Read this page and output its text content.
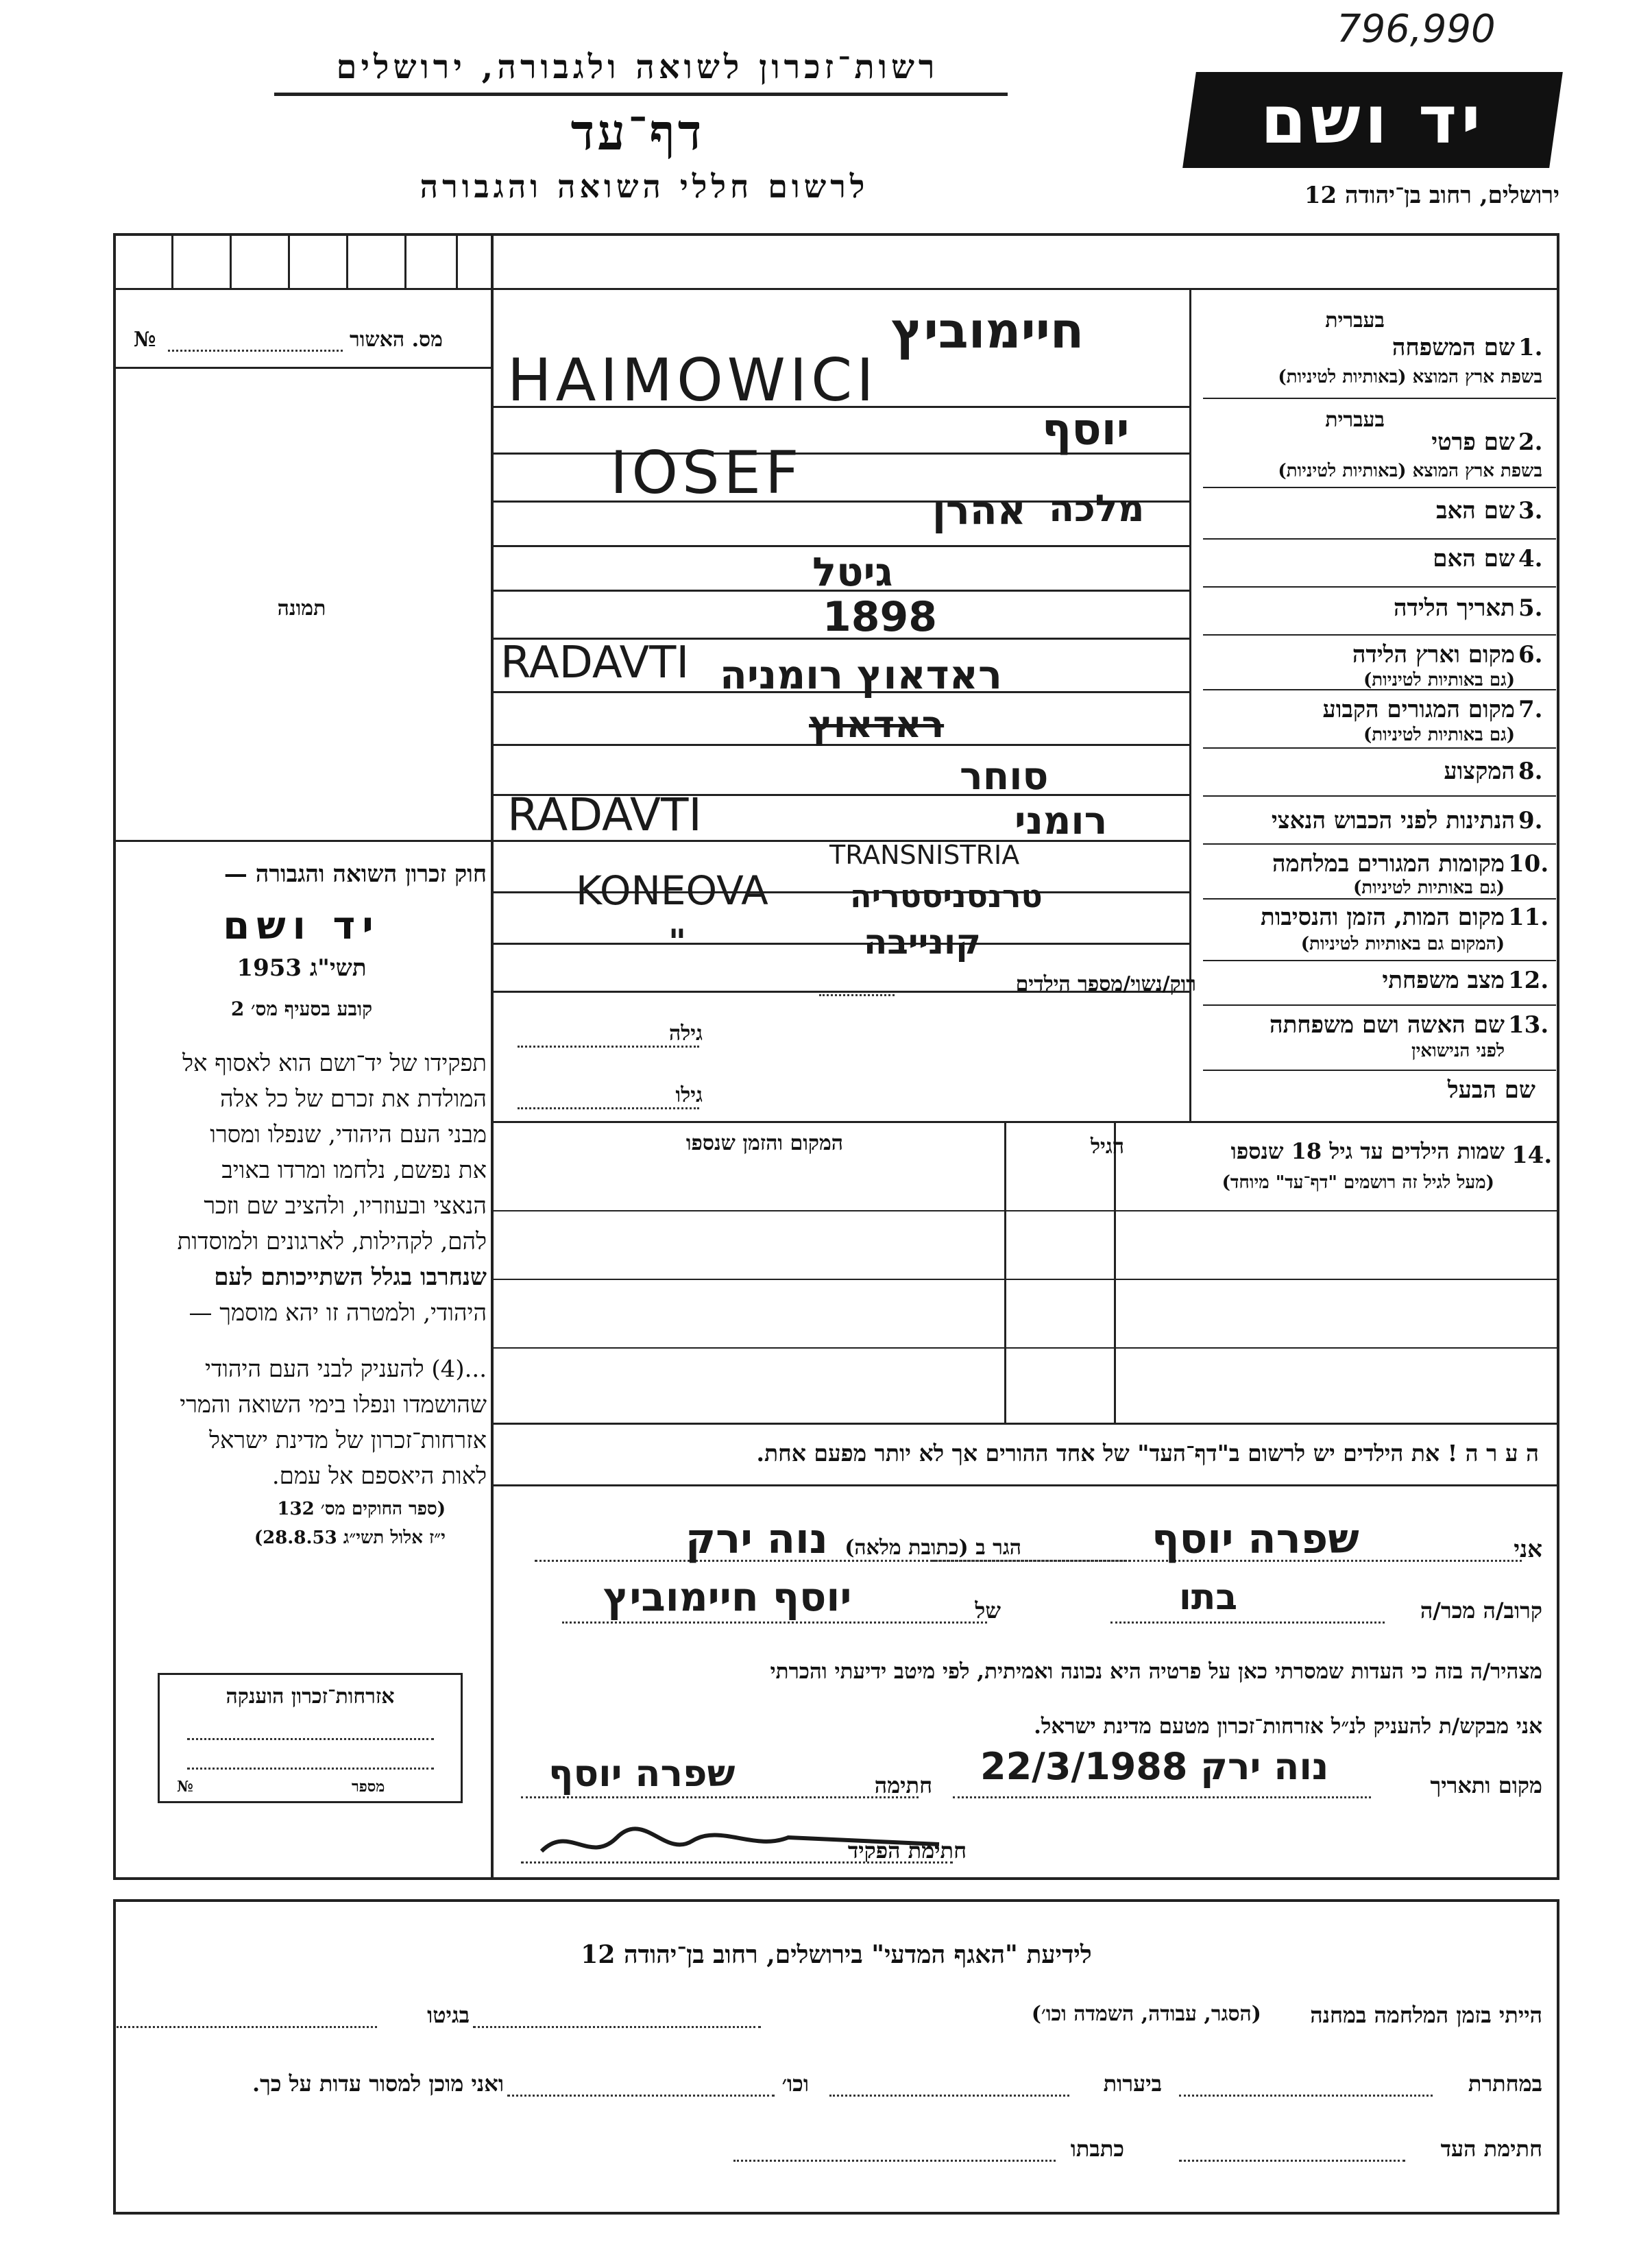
796,990
רשות־זכרון לשואה ולגבורה, ירושלים
דף־עד
לרשום חללי השואה והגבורה
יד ושם
ירושלים, רחוב בן־יהודה 12
מס. האשור
№
תמונה
חוק זכרון השואה והגבורה —
יד ושם
תשי"ג 1953
קובע בסעיף מס׳ 2
תפקידו של יד־ושם הוא לאסוף אל
המולדת את זכרם של כל אלה
מבני העם היהודי, שנפלו ומסרו
את נפשם, נלחמו ומרדו באויב
הנאצי ובעוזריו, ולהציב שם וזכר
להם, לקהילות, לארגונים ולמוסדות
שנחרבו בגלל השתייכותם לעם
היהודי, ולמטרה זו יהא מוסמך —
...(4) להעניק לבני העם היהודי
שהושמדו ונפלו בימי השואה והמרי
אזרחות־זכרון של מדינת ישראל
לאות היאספם אל עמם.
(ספר החוקים מס׳ 132
י״ז אלול תשי״ג 28.8.53)
אזרחות־זכרון הוענקה
מספר
№
בעברית
1.
שם המשפחה
בשפת ארץ המוצא (באותיות לטיניות)
בעברית
2.
שם פרטי
בשפת ארץ המוצא (באותיות לטיניות)
3.
שם האב
4.
שם האם
5.
תאריך הלידה
6.
מקום וארץ הלידה
(גם באותיות לטיניות)
7.
מקום המגורים הקבוע
(גם באותיות לטיניות)
8.
המקצוע
9.
הנתינות לפני הכבוש הנאצי
10.
מקומות המגורים במלחמה
(גם באותיות לטיניות)
11.
מקום המות, הזמן והנסיבות
(המקום גם באותיות לטיניות)
12.
מצב משפחתי
13.
שם האשה ושם משפחתה
לפני הנישואין
שם הבעל
רוק/נשוי/מספר הילדים
גילה
גילו
14.
שמות הילדים עד גיל 18 שנספו
(מעל לגיל זה רושמים "דף־עד" מיוחד)
הגיל
המקום והזמן שנספו
ה ע ר ה ! את הילדים יש לרשום ב"דף־העד" של אחד ההורים אך לא יותר מפעם אחת.
אני
הגר ב (כתובת מלאה)
קרוב/ה מכר/ה
של
מצהיר/ה בזה כי העדות שמסרתי כאן על פרטיה היא נכונה ואמיתית, לפי מיטב ידיעתי והכרתי
אני מבקש/ת להעניק לנ״ל אזרחות־זכרון מטעם מדינת ישראל.
מקום ותאריך
חתימה
חתימת הפקיד
חיימוביץ
HAIMOWICI
יוסף
IOSEF
אהרן מלכה
גיטל
1898
RADAVTI ראדאוץ רומניה
ראדאוץ
סוחר
רומני
RADAVTI
TRANSNISTRIA
KONEOVA	טרנסניסטריה
קונייבה
"
שפרה יוסף
נוה ירק
בתו
יוסף חיימוביץ
נוה ירק 22/3/1988
שפרה יוסף
לידיעת "האגף המדעי" בירושלים, רחוב בן־יהודה 12
הייתי בזמן המלחמה במחנה
(הסגר, עבודה, השמדה וכו׳)
בגיטו
במחתרת
ביערות
וכו׳
ואני מוכן למסור עדות על כך.
חתימת העד
כתבתו
